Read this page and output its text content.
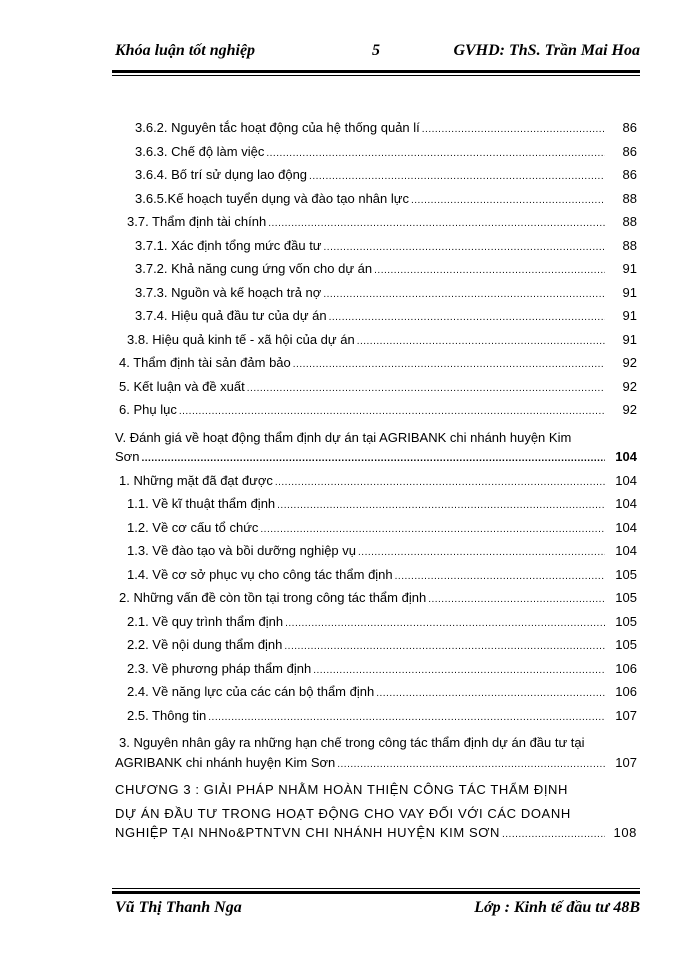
Khóa luận tốt nghiệp	5	GVHD: ThS. Trần Mai Hoa
3.6.2. Nguyên tắc hoạt động của hệ thống quản lí .....	86
3.6.3. Chế độ làm việc .....	86
3.6.4. Bố trí sử dụng lao động .....	86
3.6.5.Kế hoạch tuyển dụng và đào tạo nhân lực .....	88
3.7. Thẩm định tài chính .....	88
3.7.1. Xác định tổng mức đầu tư .....	88
3.7.2. Khả năng cung ứng vốn cho dự án .....	91
3.7.3. Nguồn và kế hoạch trả nợ .....	91
3.7.4. Hiệu quả đầu tư của dự án .....	91
3.8. Hiệu quả kinh tế - xã hội của dự án .....	91
4. Thẩm định tài sản đảm bảo .....	92
5. Kết luận và đề xuất .....	92
6. Phụ lục .....	92
V. Đánh giá về hoạt động thẩm định dự án tại AGRIBANK chi nhánh huyện Kim
Sơn .....	104
1. Những mặt đã đạt được .....	104
1.1. Về kĩ thuật thẩm định .....	104
1.2. Về cơ cấu tổ chức .....	104
1.3. Về đào tạo và bồi dưỡng nghiệp vụ .....	104
1.4. Về cơ sở phục vụ cho công tác thẩm định .....	105
2. Những vấn đề còn tồn tại trong công tác thẩm định .....	105
2.1. Về quy trình thẩm định .....	105
2.2. Về nội dung thẩm định .....	105
2.3. Về phương pháp thẩm định .....	106
2.4. Về năng lực của các cán bộ thẩm định .....	106
2.5. Thông tin .....	107
3. Nguyên nhân gây ra những hạn chế trong công tác thẩm định dự án đầu tư tại
AGRIBANK chi nhánh huyện Kim Sơn .....	107
CHƯƠNG 3 : GIẢI PHÁP NHẰM HOÀN THIỆN CÔNG TÁC THẨM ĐỊNH
DỰ ÁN ĐẦU TƯ TRONG HOẠT ĐỘNG CHO VAY ĐỐI VỚI CÁC DOANH
NGHIỆP TẠI NHNo&PTNTVN CHI NHÁNH HUYỆN KIM SƠN .....	108
Vũ Thị Thanh Nga	Lớp : Kinh tế đầu tư 48B
